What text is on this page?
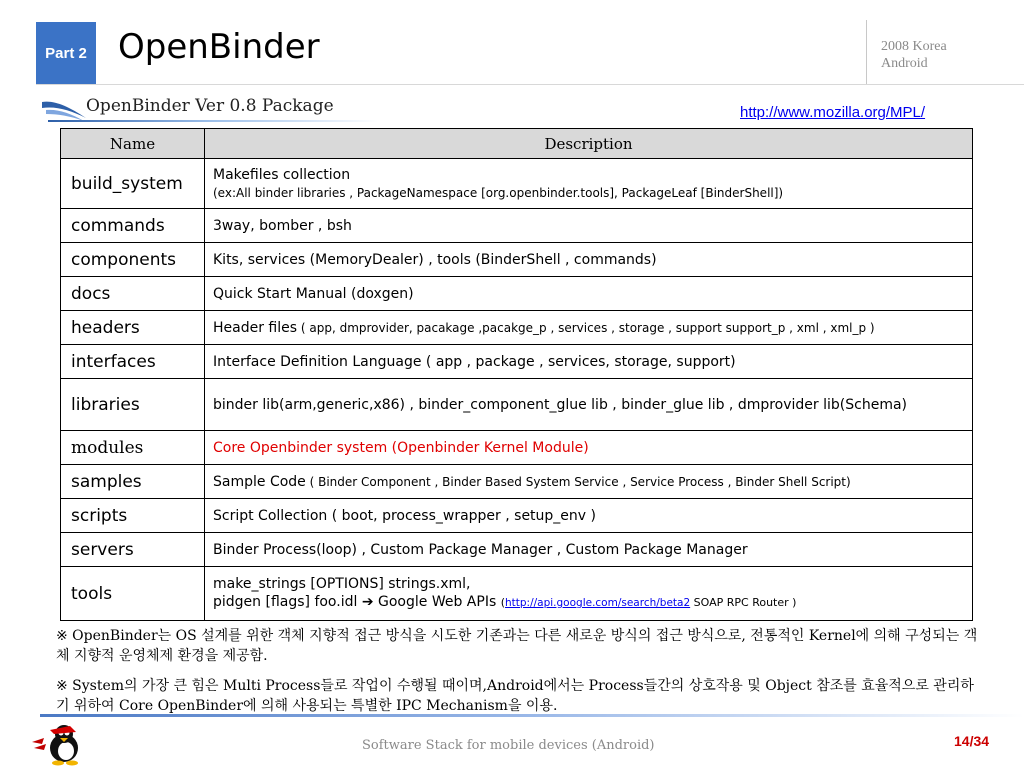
Part 2 OpenBinder	2008 Korea
Android
OpenBinder Ver 0.8 Package	http://www.mozilla.org/MPL/
Name	Description
build_system	Makefiles collection
(ex:All binder libraries , PackageNamespace [org.openbinder.tools], PackageLeaf [BinderShell])

commands	3way, bomber , bsh
components	Kits, services (MemoryDealer) , tools (BinderShell , commands)
docs	Quick Start Manual (doxgen)
headers	Header files ( app, dmprovider, pacakage ,pacakge_p , services , storage , support support_p , xml , xml_p )
interfaces	Interface Definition Language ( app , package , services, storage, support)
libraries	binder lib(arm,generic,x86) , binder_component_glue lib , binder_glue lib , dmprovider lib(Schema)
modules	Core Openbinder system (Openbinder Kernel Module)
samples	Sample Code ( Binder Component , Binder Based System Service , Service Process , Binder Shell Script)
scripts	Script Collection ( boot, process_wrapper , setup_env )
servers	Binder Process(loop) , Custom Package Manager , Custom Package Manager
tools	make_strings [OPTIONS] strings.xml,
pidgen [flags] foo.idl ➔ Google Web APIs (http://api.google.com/search/beta2 SOAP RPC Router )
※ OpenBinder는 OS 설계를 위한 객체 지향적 접근 방식을 시도한 기존과는 다른 새로운 방식의 접근 방식으로, 전통적인 Kernel에 의해 구성되는 객체 지향적 운영체제 환경을 제공함.
※ System의 가장 큰 힘은 Multi Process들로 작업이 수행될 때이며,Android에서는 Process들간의 상호작용 및 Object 참조를 효율적으로 관리하기 위하여 Core OpenBinder에 의해 사용되는 특별한 IPC Mechanism을 이용.
Software Stack for mobile devices (Android)	14/34
